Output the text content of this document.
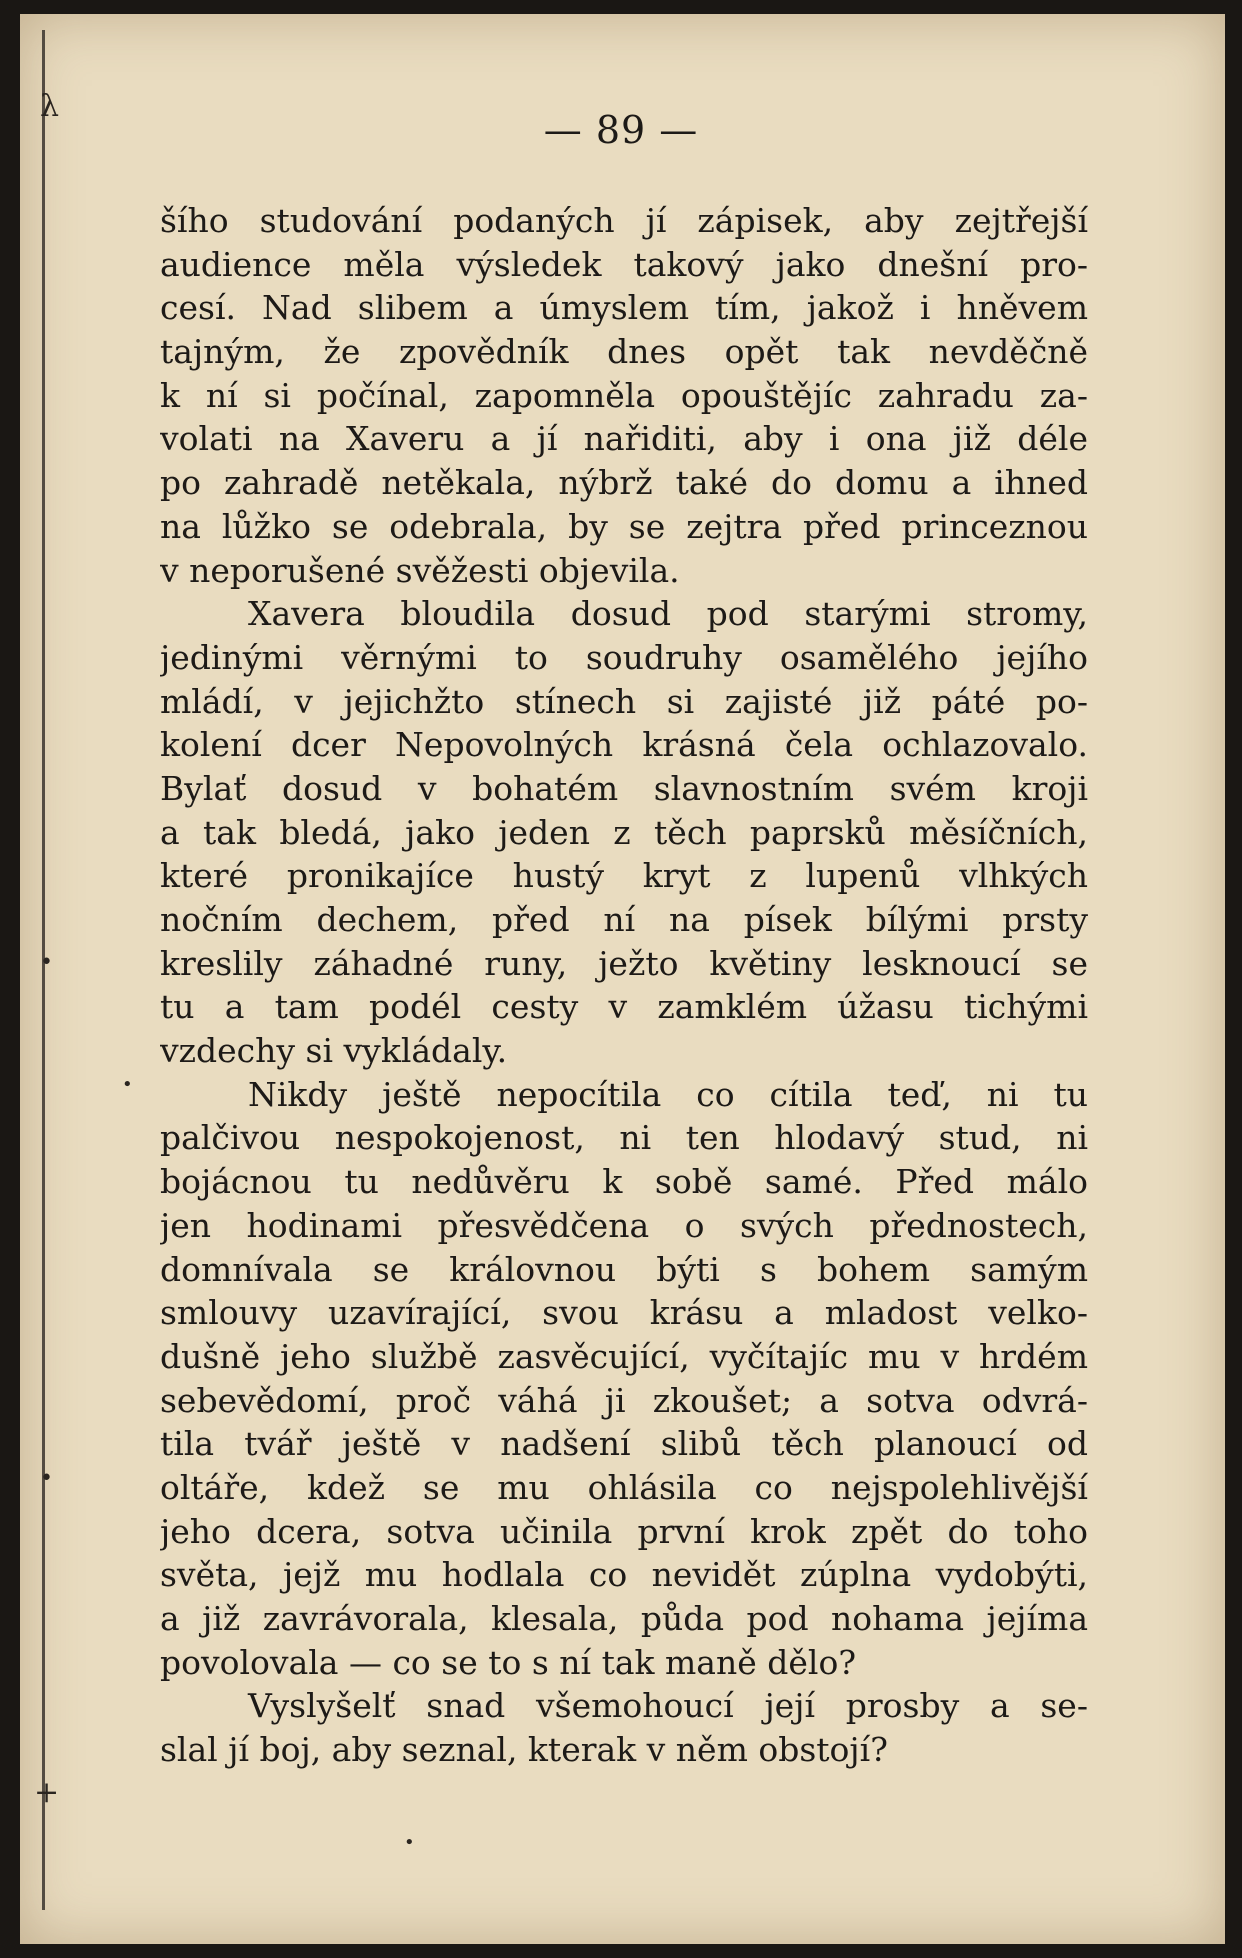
λ
•
•
•
+
•
— 89 —
šího studování podaných jí zápisek, aby zejtřejší
audience měla výsledek takový jako dnešní pro-
cesí. Nad slibem a úmyslem tím, jakož i hněvem
tajným, že zpovědník dnes opět tak nevděčně
k ní si počínal, zapomněla opouštějíc zahradu za-
volati na Xaveru a jí nařiditi, aby i ona již déle
po zahradě netěkala, nýbrž také do domu a ihned
na lůžko se odebrala, by se zejtra před princeznou
v neporušené svěžesti objevila.
Xavera bloudila dosud pod starými stromy,
jedinými věrnými to soudruhy osamělého jejího
mládí, v jejichžto stínech si zajisté již páté po-
kolení dcer Nepovolných krásná čela ochlazovalo.
Bylať dosud v bohatém slavnostním svém kroji
a tak bledá, jako jeden z těch paprsků měsíčních,
které pronikajíce hustý kryt z lupenů vlhkých
nočním dechem, před ní na písek bílými prsty
kreslily záhadné runy, ježto květiny lesknoucí se
tu a tam podél cesty v zamklém úžasu tichými
vzdechy si vykládaly.
Nikdy ještě nepocítila co cítila teď, ni tu
palčivou nespokojenost, ni ten hlodavý stud, ni
bojácnou tu nedůvěru k sobě samé. Před málo
jen hodinami přesvědčena o svých přednostech,
domnívala se královnou býti s bohem samým
smlouvy uzavírající, svou krásu a mladost velko-
dušně jeho službě zasvěcující, vyčítajíc mu v hrdém
sebevědomí, proč váhá ji zkoušet; a sotva odvrá-
tila tvář ještě v nadšení slibů těch planoucí od
oltáře, kdež se mu ohlásila co nejspolehlivější
jeho dcera, sotva učinila první krok zpět do toho
světa, jejž mu hodlala co nevidět zúplna vydobýti,
a již zavrávorala, klesala, půda pod nohama jejíma
povolovala — co se to s ní tak maně dělo?
Vyslyšelť snad všemohoucí její prosby a se-
slal jí boj, aby seznal, kterak v něm obstojí?
